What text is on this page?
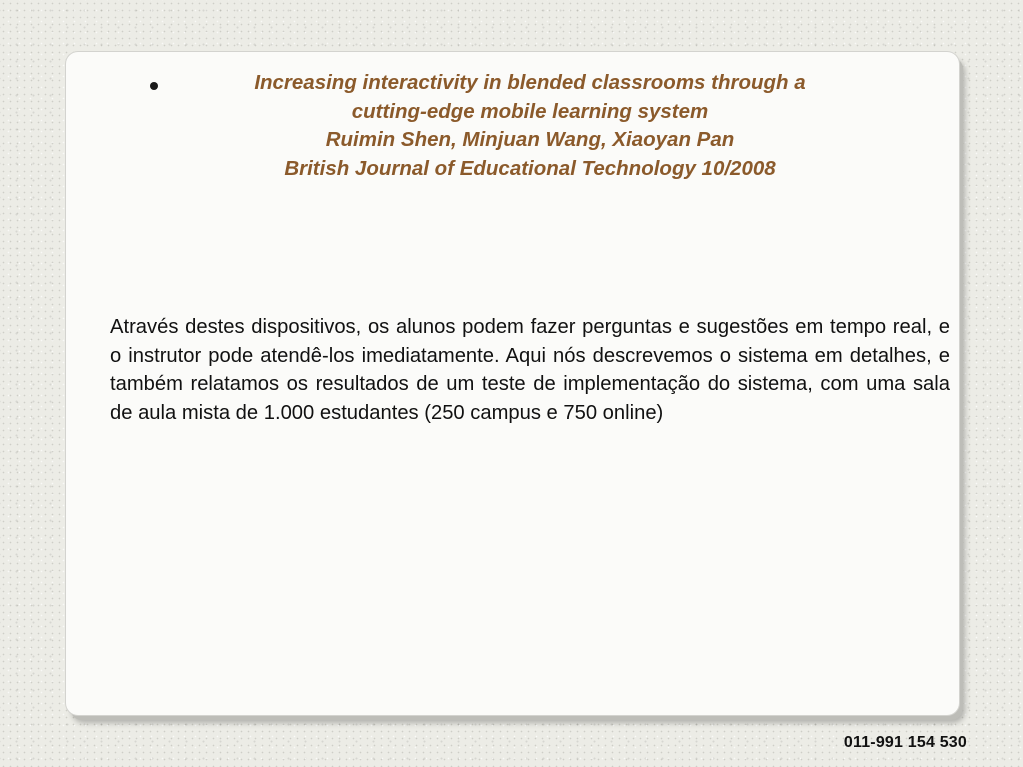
Increasing interactivity in blended classrooms through a
cutting-edge mobile learning system
Ruimin Shen, Minjuan Wang, Xiaoyan Pan
British Journal of Educational Technology 10/2008

Através destes dispositivos, os alunos podem fazer perguntas e sugestões em tempo real, e o instrutor pode atendê-los imediatamente. Aqui nós descrevemos o sistema em detalhes, e também relatamos os resultados de um teste de implementação do sistema, com uma sala de aula mista de 1.000 estudantes (250 campus e 750 online)

011-991 154 530
